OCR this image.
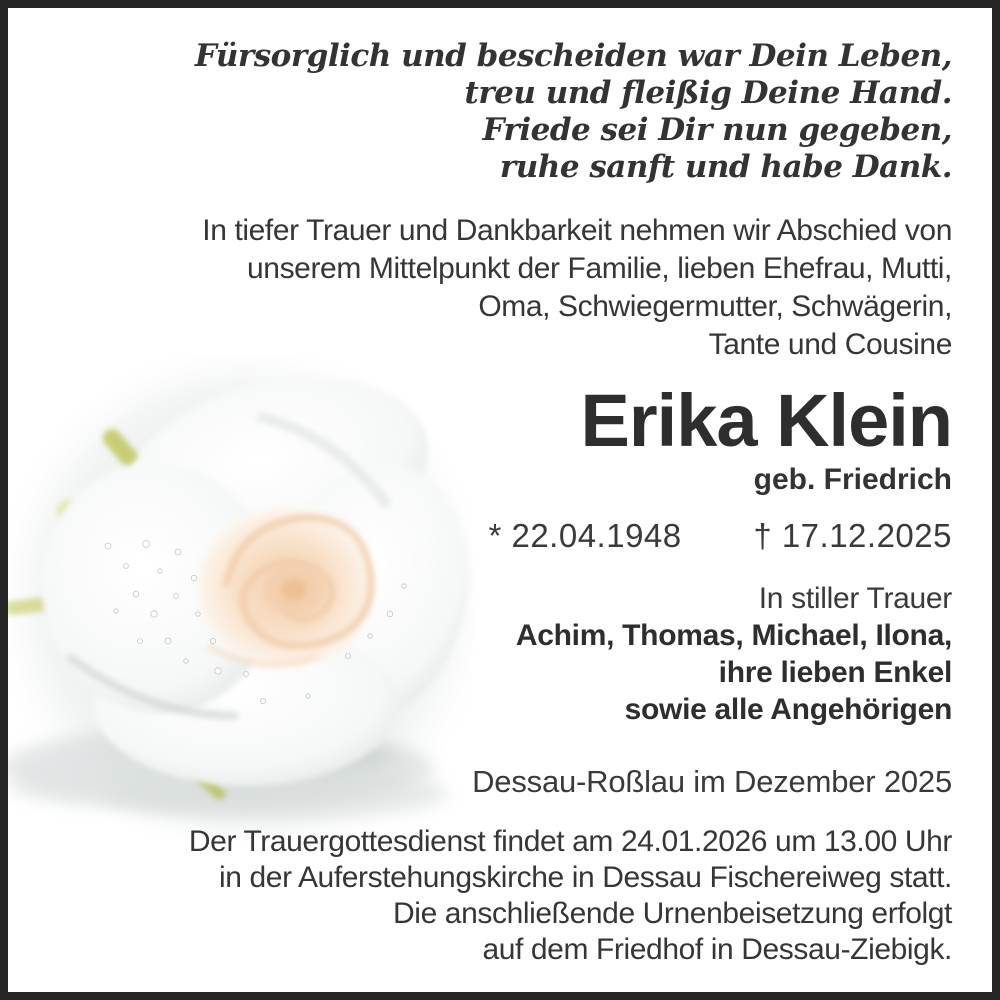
Fürsorglich und bescheiden war Dein Leben,
treu und fleißig Deine Hand.
Friede sei Dir nun gegeben,
ruhe sanft und habe Dank.
In tiefer Trauer und Dankbarkeit nehmen wir Abschied von
unserem Mittelpunkt der Familie, lieben Ehefrau, Mutti,
Oma, Schwiegermutter, Schwägerin,
Tante und Cousine
Erika Klein
geb. Friedrich
* 22.04.1948 † 17.12.2025
In stiller Trauer
Achim, Thomas, Michael, Ilona,
ihre lieben Enkel
sowie alle Angehörigen
Dessau-Roßlau im Dezember 2025
Der Trauergottesdienst findet am 24.01.2026 um 13.00 Uhr
in der Auferstehungskirche in Dessau Fischereiweg statt.
Die anschließende Urnenbeisetzung erfolgt
auf dem Friedhof in Dessau-Ziebigk.
